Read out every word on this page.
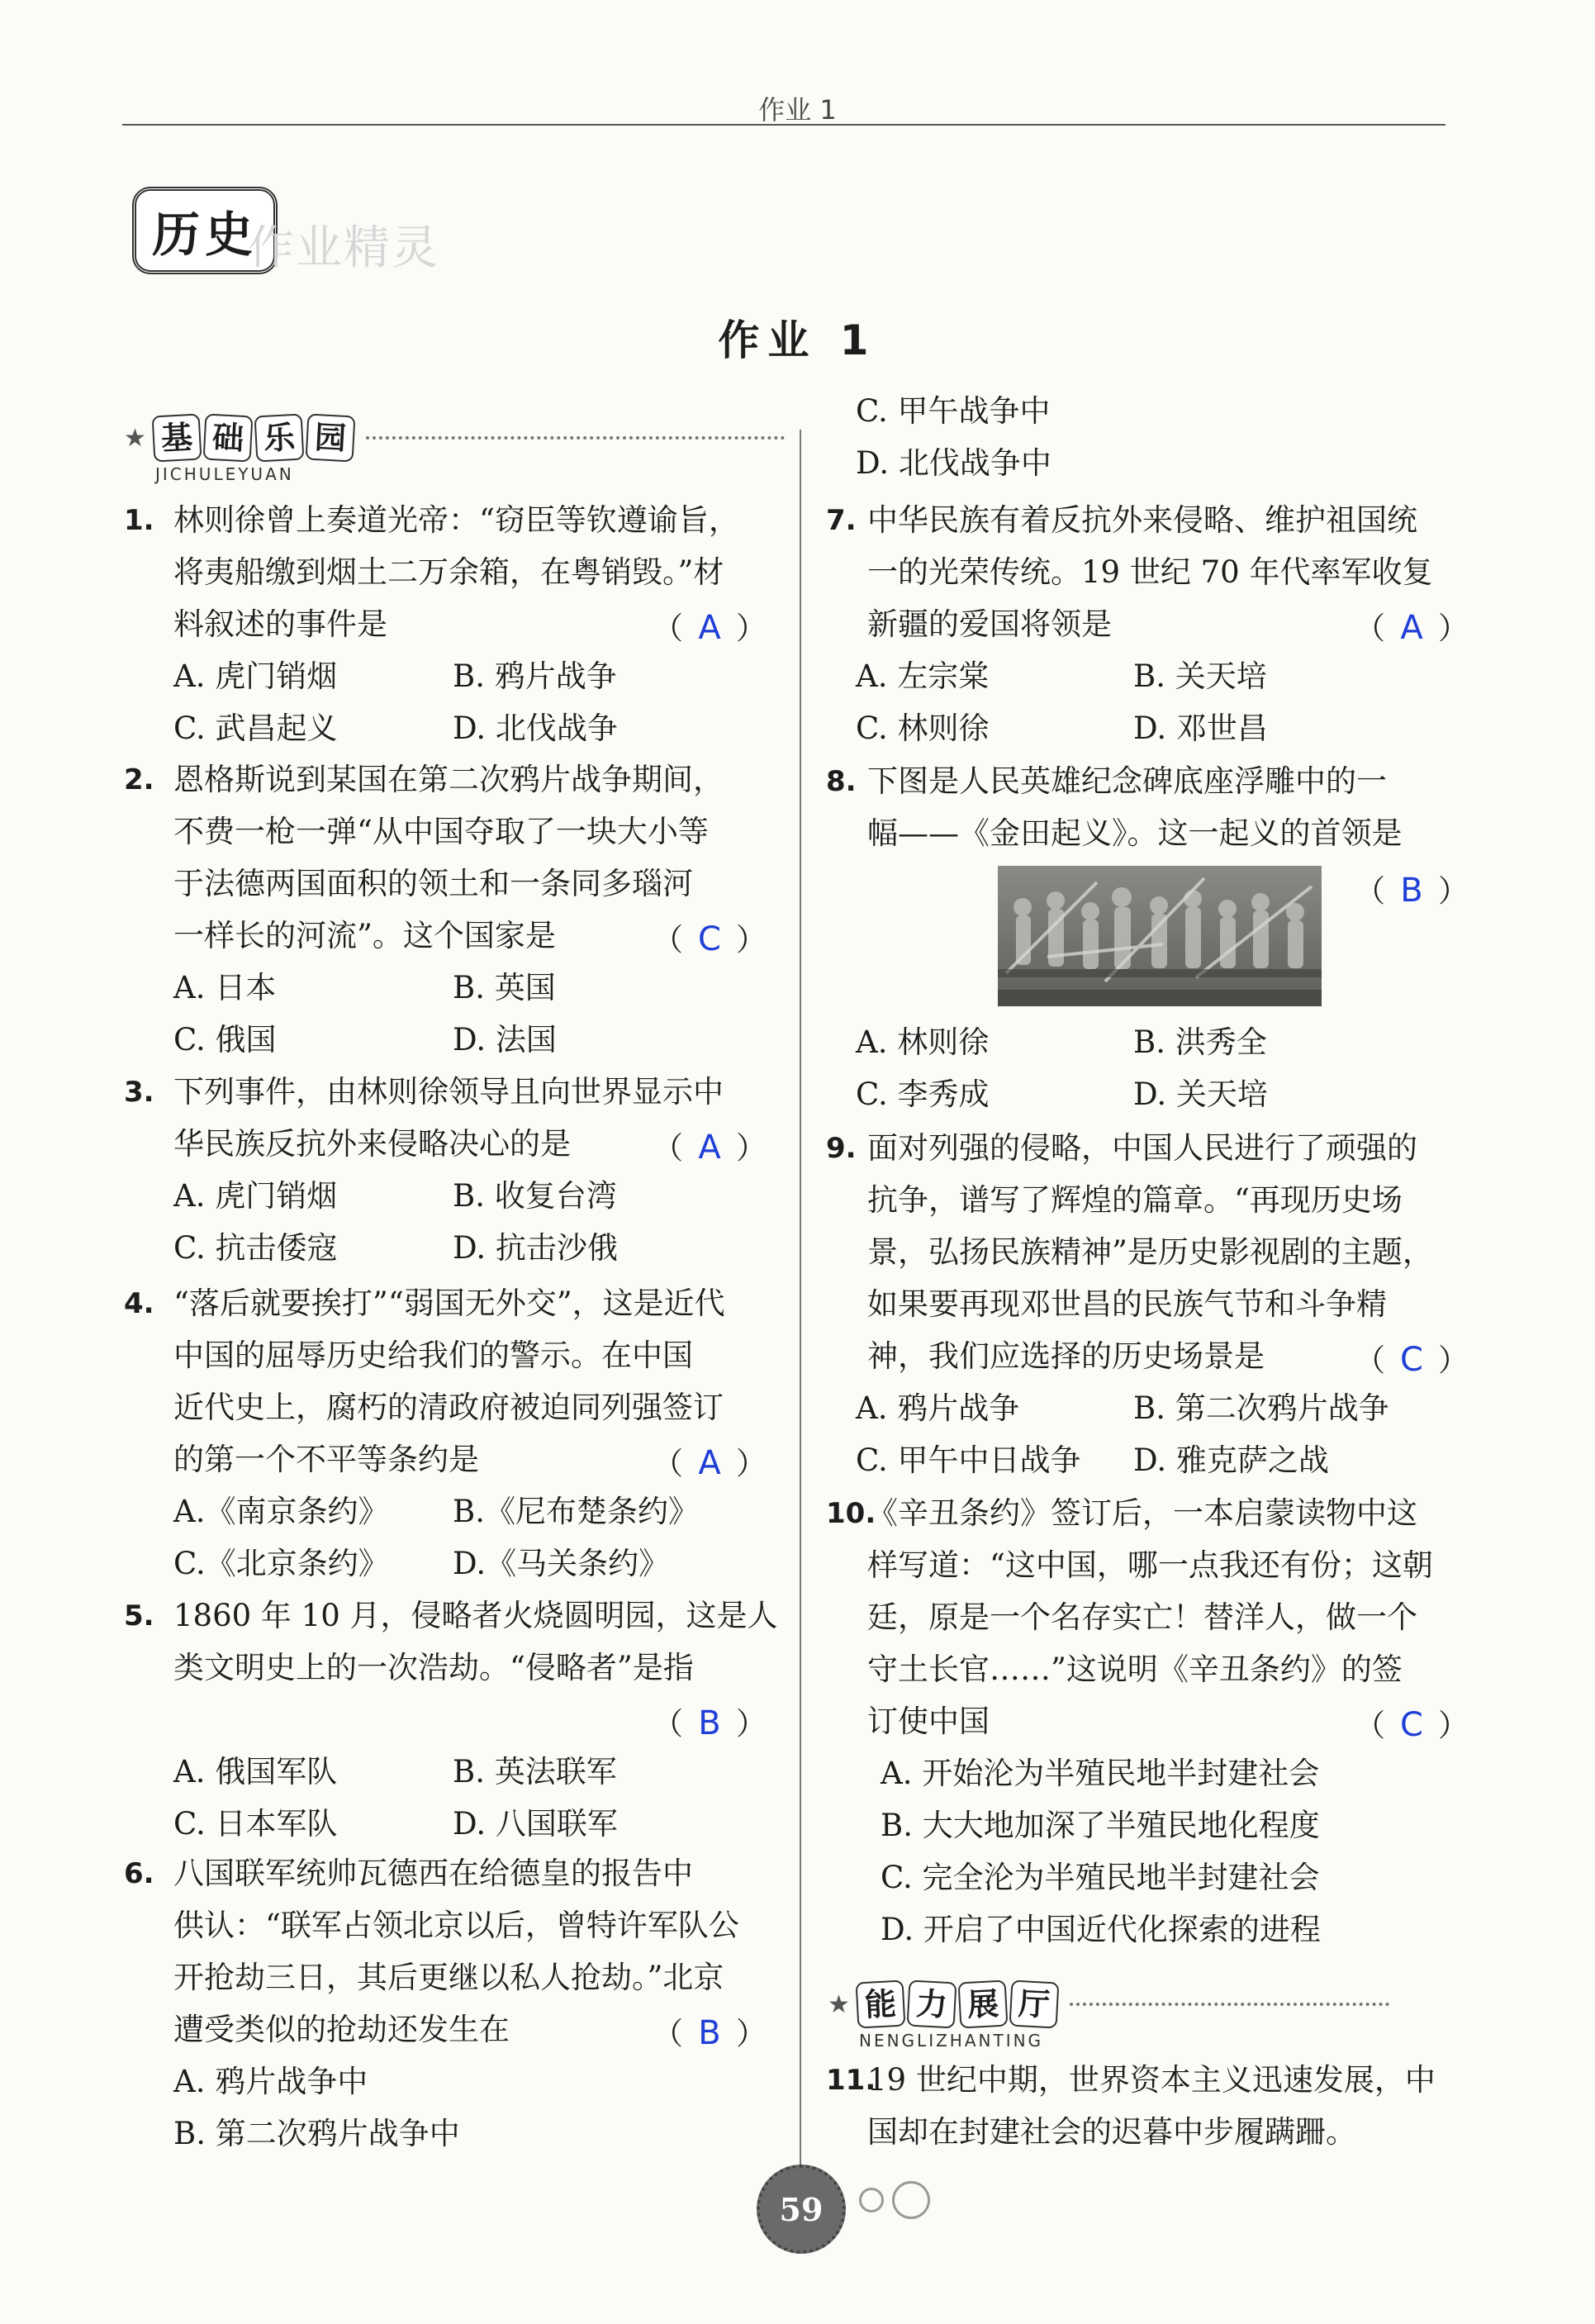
作业 1
历史
作业精灵
作业 1
★ 基 础 乐 园
JICHULEYUAN
★ 能 力 展 厅
NENGLIZHANTING
1. 林则徐曾上奏道光帝：“窃臣等钦遵谕旨，
将夷船缴到烟土二万余箱，在粤销毁。”材
料叙述的事件是	（ A ）
A. 虎门销烟	B. 鸦片战争
C. 武昌起义	D. 北伐战争
2. 恩格斯说到某国在第二次鸦片战争期间，
不费一枪一弹“从中国夺取了一块大小等
于法德两国面积的领土和一条同多瑙河
一样长的河流”。这个国家是	（ C ）
A. 日本	B. 英国
C. 俄国	D. 法国
3. 下列事件，由林则徐领导且向世界显示中
华民族反抗外来侵略决心的是	（ A ）
A. 虎门销烟	B. 收复台湾
C. 抗击倭寇	D. 抗击沙俄
4. “落后就要挨打”“弱国无外交”，这是近代
中国的屈辱历史给我们的警示。在中国
近代史上，腐朽的清政府被迫同列强签订
的第一个不平等条约是	（ A ）
A.《南京条约》 B.《尼布楚条约》
C.《北京条约》 D.《马关条约》
5. 1860 年 10 月，侵略者火烧圆明园，这是人
类文明史上的一次浩劫。“侵略者”是指
（ B ）
A. 俄国军队	B. 英法联军
C. 日本军队	D. 八国联军
6. 八国联军统帅瓦德西在给德皇的报告中
供认：“联军占领北京以后，曾特许军队公
开抢劫三日，其后更继以私人抢劫。”北京
遭受类似的抢劫还发生在	（ B ）
A. 鸦片战争中
B. 第二次鸦片战争中
C. 甲午战争中
D. 北伐战争中
7. 中华民族有着反抗外来侵略、维护祖国统
一的光荣传统。19 世纪 70 年代率军收复
新疆的爱国将领是	（ A ）
A. 左宗棠	B. 关天培
C. 林则徐	D. 邓世昌
8. 下图是人民英雄纪念碑底座浮雕中的一
幅——《金田起义》。这一起义的首领是
（ B ）
A. 林则徐	B. 洪秀全
C. 李秀成	D. 关天培
9. 面对列强的侵略，中国人民进行了顽强的
抗争，谱写了辉煌的篇章。“再现历史场
景，弘扬民族精神”是历史影视剧的主题，
如果要再现邓世昌的民族气节和斗争精
神，我们应选择的历史场景是	（ C ）
A. 鸦片战争	B. 第二次鸦片战争
C. 甲午中日战争 D. 雅克萨之战
10.
《辛丑条约》签订后，一本启蒙读物中这
样写道：“这中国，哪一点我还有份；这朝
廷，原是一个名存实亡！替洋人，做一个
守土长官……”这说明《辛丑条约》的签
订使中国	（ C ）
A. 开始沦为半殖民地半封建社会
B. 大大地加深了半殖民地化程度
C. 完全沦为半殖民地半封建社会
D. 开启了中国近代化探索的进程
11.
19 世纪中期，世界资本主义迅速发展，中
国却在封建社会的迟暮中步履蹒跚。
59
